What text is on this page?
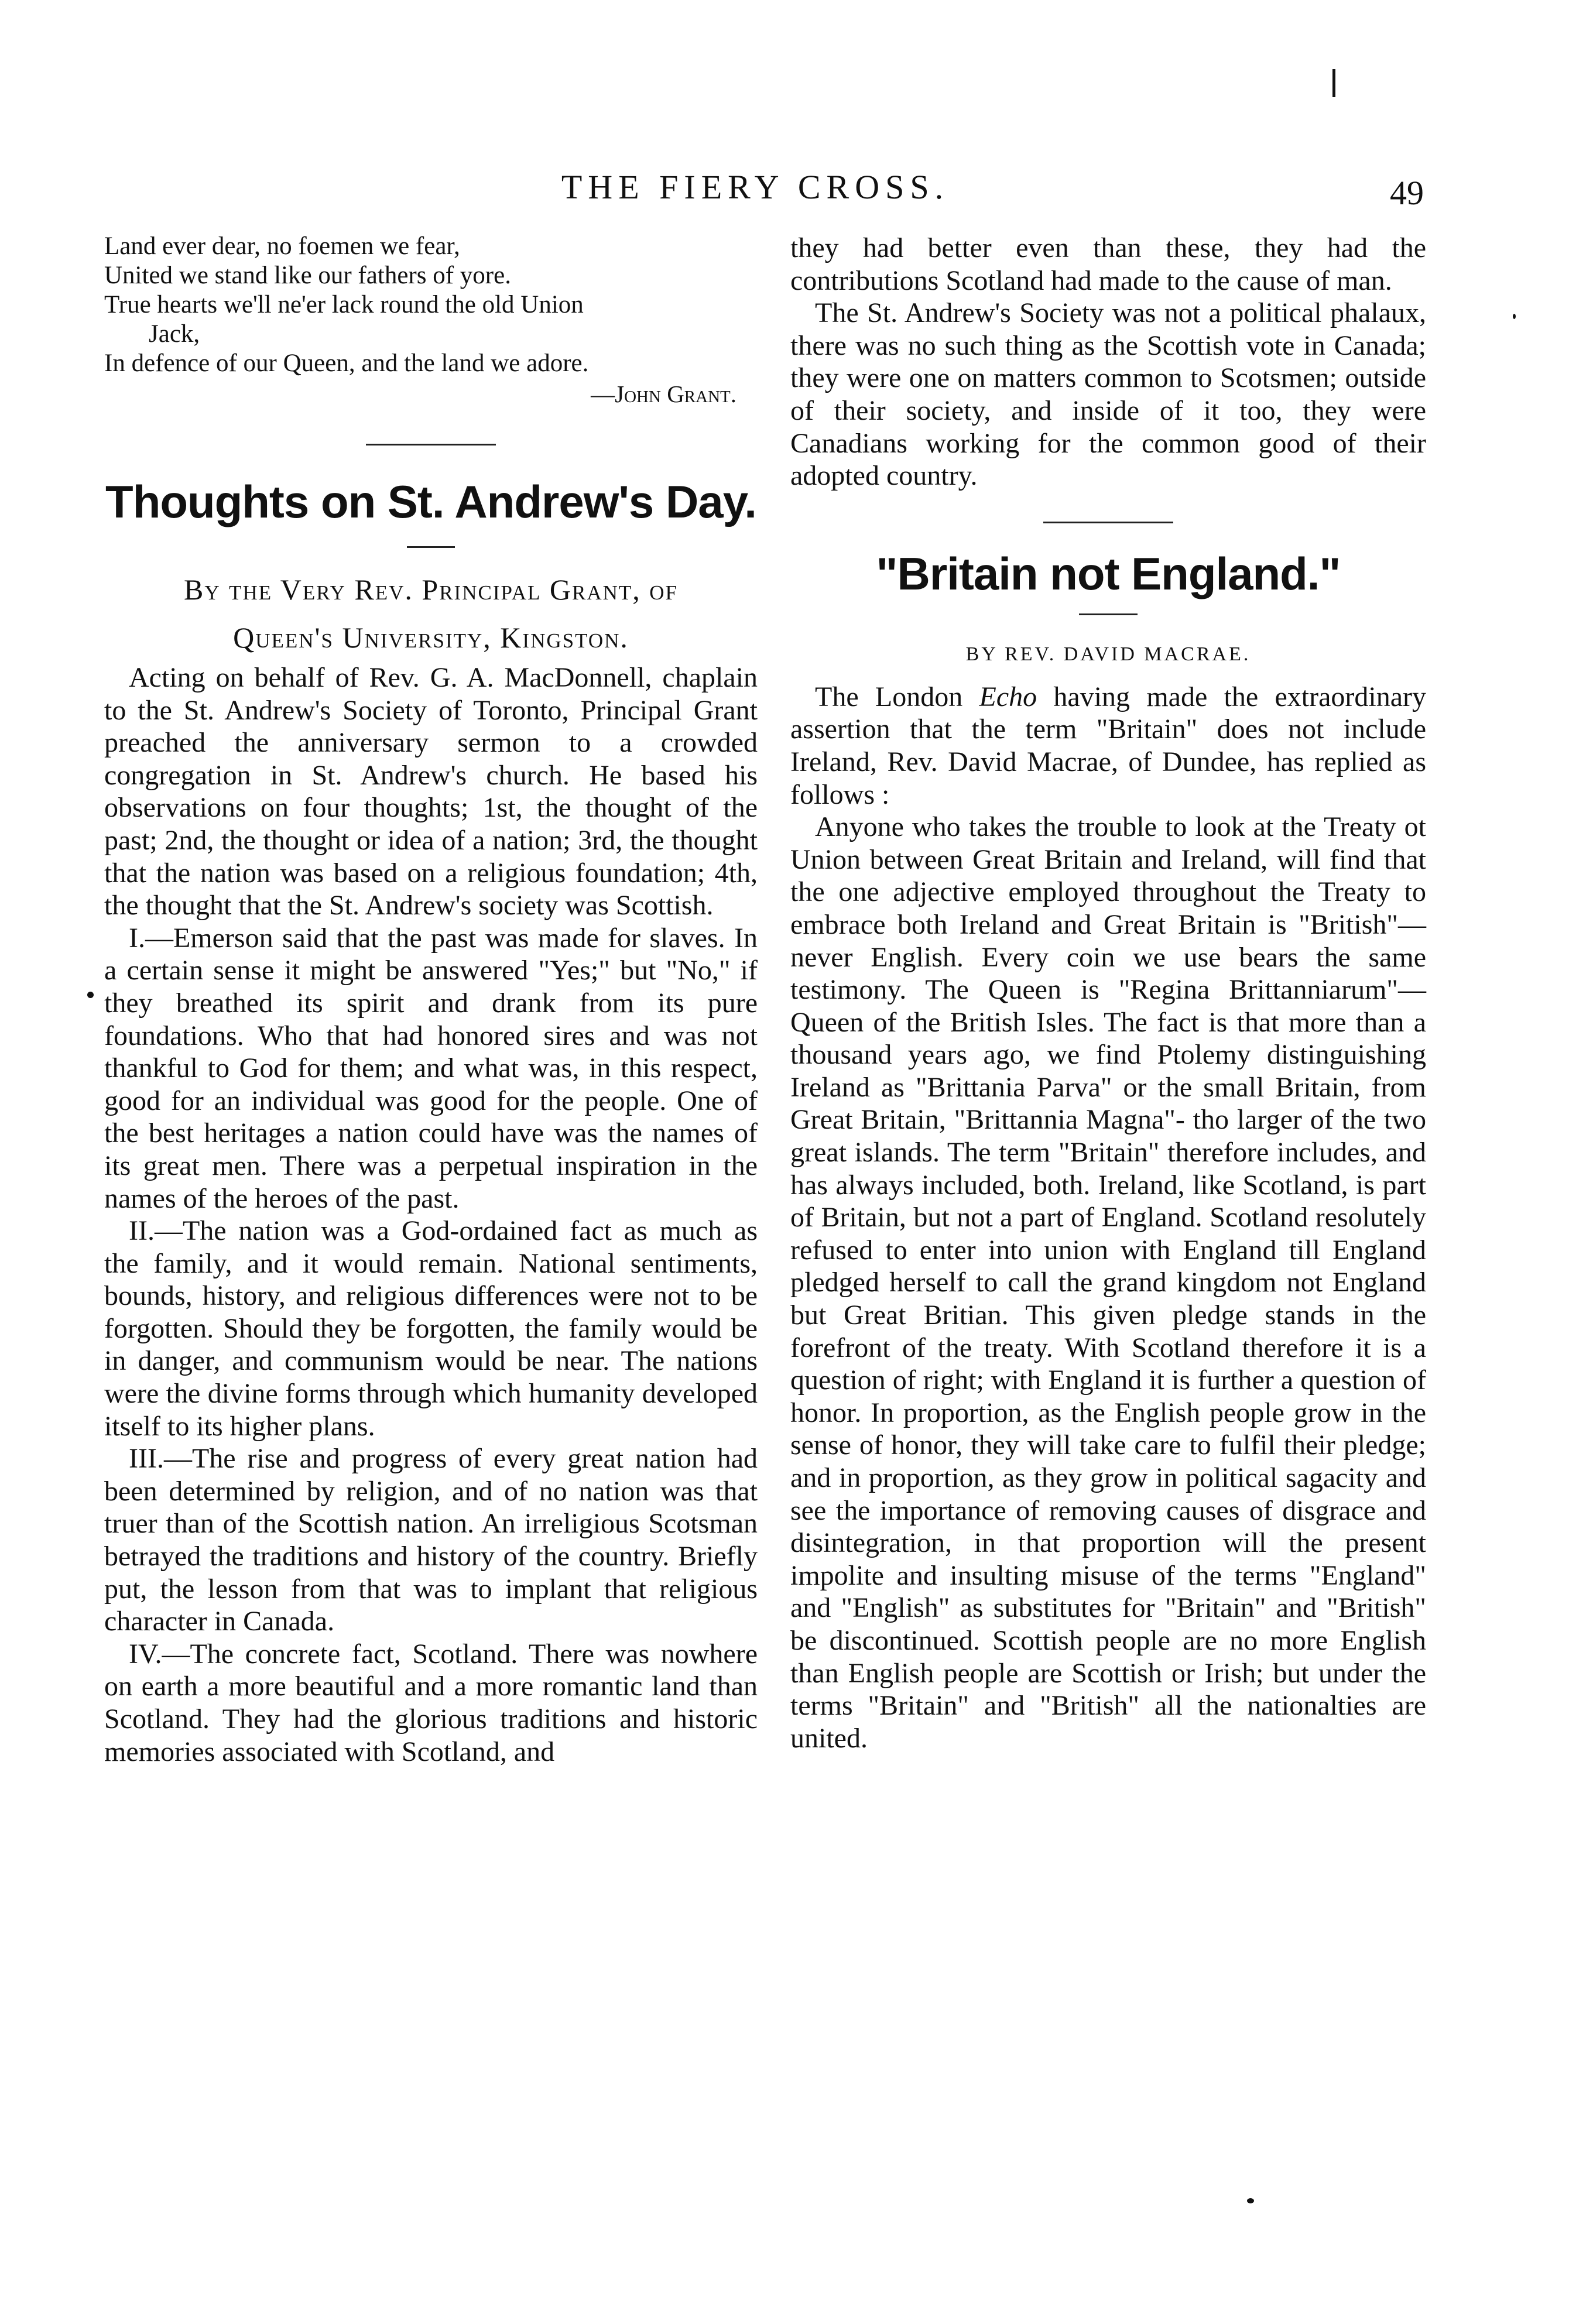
THE FIERY CROSS.	49
Land ever dear, no foemen we fear,
United we stand like our fathers of yore.
True hearts we'll ne'er lack round the old Union
Jack,
In defence of our Queen, and the land we adore.
—John Grant.
Thoughts on St. Andrew's Day.

By the Very Rev. Principal Grant, of

Queen's University, Kingston.

Acting on behalf of Rev. G. A. MacDonnell, chaplain to the St. Andrew's Society of Toronto, Principal Grant preached the anniversary sermon to a crowded congregation in St. Andrew's church. He based his observations on four thoughts; 1st, the thought of the past; 2nd, the thought or idea of a nation; 3rd, the thought that the nation was based on a religious foundation; 4th, the thought that the St. Andrew's society was Scottish.

I.—Emerson said that the past was made for slaves. In a certain sense it might be answered "Yes;" but "No," if they breathed its spirit and drank from its pure foundations. Who that had honored sires and was not thankful to God for them; and what was, in this respect, good for an individual was good for the people. One of the best heritages a nation could have was the names of its great men. There was a perpetual inspiration in the names of the heroes of the past.

II.—The nation was a God-ordained fact as much as the family, and it would remain. National sentiments, bounds, history, and religious differences were not to be forgotten. Should they be forgotten, the family would be in danger, and communism would be near. The nations were the divine forms through which humanity developed itself to its higher plans.

III.—The rise and progress of every great nation had been determined by religion, and of no nation was that truer than of the Scottish nation. An irreligious Scotsman betrayed the traditions and history of the country. Briefly put, the lesson from that was to implant that religious character in Canada.

IV.—The concrete fact, Scotland. There was nowhere on earth a more beautiful and a more romantic land than Scotland. They had the glorious traditions and historic memories associated with Scotland, and

they had better even than these, they had the contributions Scotland had made to the cause of man.

The St. Andrew's Society was not a political phalaux, there was no such thing as the Scottish vote in Canada; they were one on matters common to Scotsmen; outside of their society, and inside of it too, they were Canadians working for the common good of their adopted country.

"Britain not England."

BY REV. DAVID MACRAE.

The London Echo having made the extraordinary assertion that the term "Britain" does not include Ireland, Rev. David Macrae, of Dundee, has replied as follows :

Anyone who takes the trouble to look at the Treaty ot Union between Great Britain and Ireland, will find that the one adjective employed throughout the Treaty to embrace both Ireland and Great Britain is "British"—never English. Every coin we use bears the same testimony. The Queen is "Regina Brittanniarum"—Queen of the British Isles. The fact is that more than a thousand years ago, we find Ptolemy distinguishing Ireland as "Brittania Parva" or the small Britain, from Great Britain, "Brittannia Magna"- tho larger of the two great islands. The term "Britain" therefore includes, and has always included, both. Ireland, like Scotland, is part of Britain, but not a part of England. Scotland resolutely refused to enter into union with England till England pledged herself to call the grand kingdom not England but Great Britian. This given pledge stands in the forefront of the treaty. With Scotland therefore it is a question of right; with England it is further a question of honor. In proportion, as the English people grow in the sense of honor, they will take care to fulfil their pledge; and in proportion, as they grow in political sagacity and see the importance of removing causes of disgrace and disintegration, in that proportion will the present impolite and insulting misuse of the terms "England" and "English" as substitutes for "Britain" and "British" be discontinued. Scottish people are no more English than English people are Scottish or Irish; but under the terms "Britain" and "British" all the nationalties are united.
